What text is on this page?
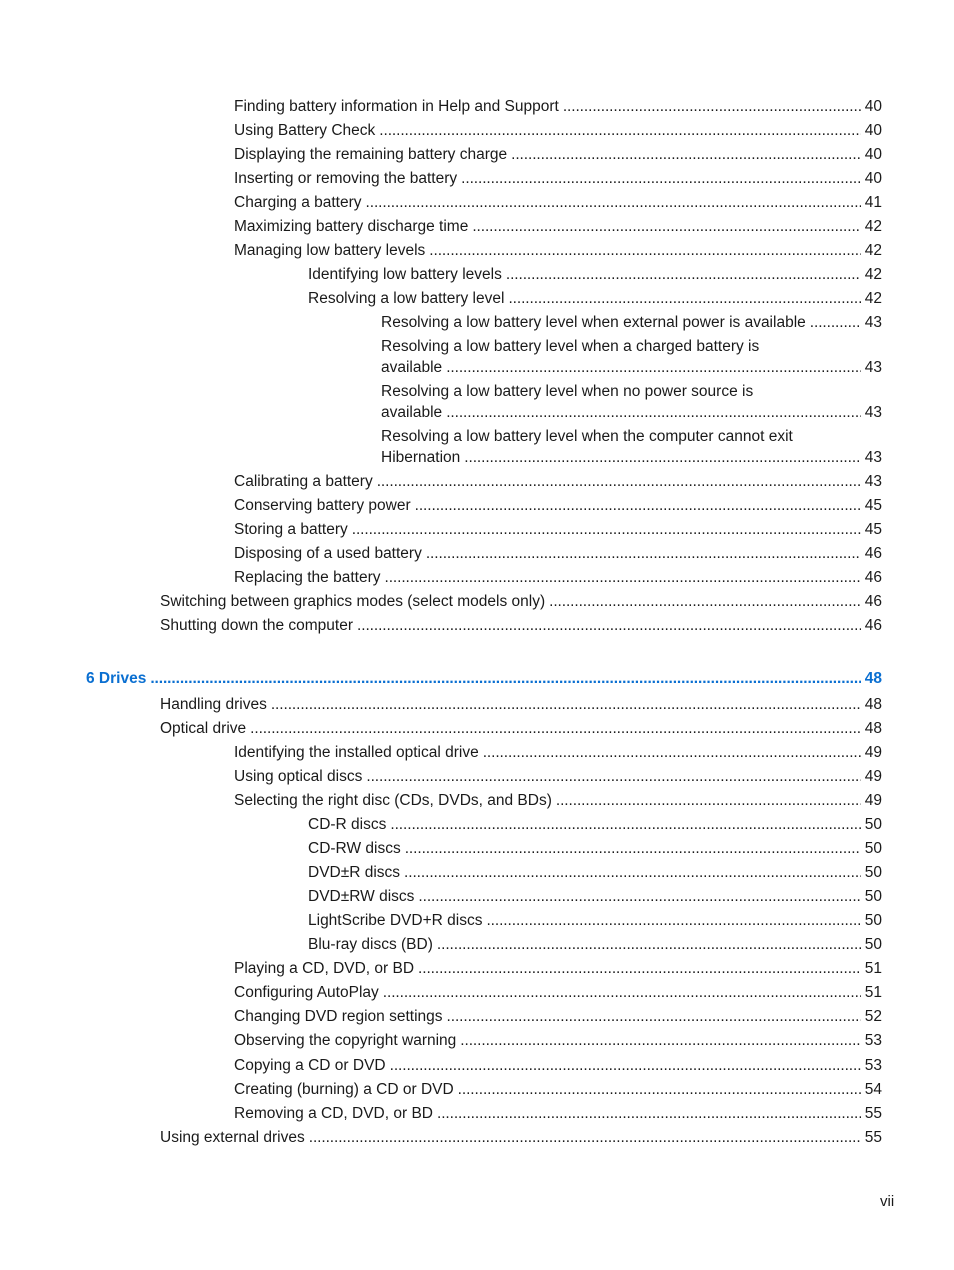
Finding battery information in Help and Support . . .	40
Using Battery Check . . .	40
Displaying the remaining battery charge . . .	40
Inserting or removing the battery . . .	40
Charging a battery . . .	41
Maximizing battery discharge time . . .	42
Managing low battery levels . . .	42
Identifying low battery levels . . .	42
Resolving a low battery level . . .	42
Resolving a low battery level when external power is available . . .	43
Resolving a low battery level when a charged battery is
available . . .	43
Resolving a low battery level when no power source is
available . . .	43
Resolving a low battery level when the computer cannot exit
Hibernation . . .	43
Calibrating a battery . . .	43
Conserving battery power . . .	45
Storing a battery . . .	45
Disposing of a used battery . . .	46
Replacing the battery . . .	46
Switching between graphics modes (select models only) . . .	46
Shutting down the computer . . .	46
6 Drives . . .	48
Handling drives . . .	48
Optical drive . . .	48
Identifying the installed optical drive . . .	49
Using optical discs . . .	49
Selecting the right disc (CDs, DVDs, and BDs) . . .	49
CD-R discs . . .	50
CD-RW discs . . .	50
DVD±R discs . . .	50
DVD±RW discs . . .	50
LightScribe DVD+R discs . . .	50
Blu-ray discs (BD) . . .	50
Playing a CD, DVD, or BD . . .	51
Configuring AutoPlay . . .	51
Changing DVD region settings . . .	52
Observing the copyright warning . . .	53
Copying a CD or DVD . . .	53
Creating (burning) a CD or DVD . . .	54
Removing a CD, DVD, or BD . . .	55
Using external drives . . .	55
vii
